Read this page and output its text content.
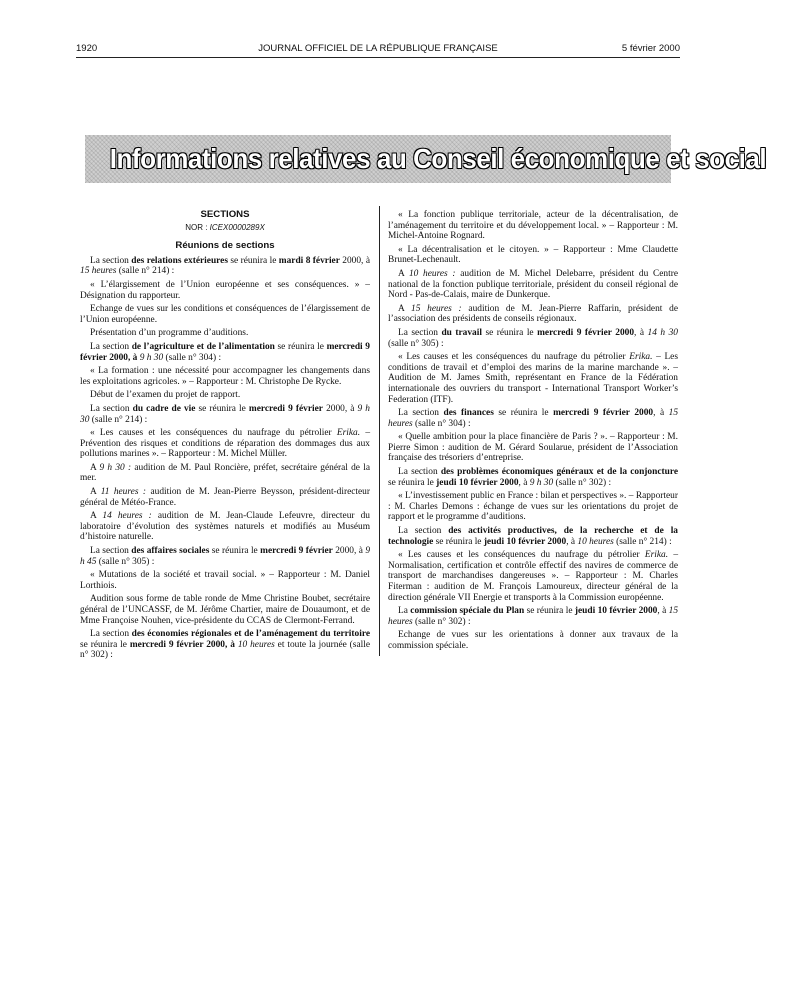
1920	JOURNAL OFFICIEL DE LA RÉPUBLIQUE FRANÇAISE	5 février 2000
Informations relatives au Conseil économique et social
SECTIONS
NOR : ICEX0000289X
Réunions de sections

La section des relations extérieures se réunira le mardi 8 février 2000, à 15 heures (salle n° 214) :

« L’élargissement de l’Union européenne et ses conséquences. » – Désignation du rapporteur.

Echange de vues sur les conditions et conséquences de l’élargissement de l’Union européenne.

Présentation d’un programme d’auditions.

La section de l’agriculture et de l’alimentation se réunira le mercredi 9 février 2000, à 9 h 30 (salle n° 304) :

« La formation : une nécessité pour accompagner les changements dans les exploitations agricoles. » – Rapporteur : M. Christophe De Rycke.

Début de l’examen du projet de rapport.

La section du cadre de vie se réunira le mercredi 9 février 2000, à 9 h 30 (salle n° 214) :

« Les causes et les conséquences du naufrage du pétrolier Erika. – Prévention des risques et conditions de réparation des dommages dus aux pollutions marines ». – Rapporteur : M. Michel Müller.

A 9 h 30 : audition de M. Paul Roncière, préfet, secrétaire général de la mer.

A 11 heures : audition de M. Jean-Pierre Beysson, président-directeur général de Météo-France.

A 14 heures : audition de M. Jean-Claude Lefeuvre, directeur du laboratoire d’évolution des systèmes naturels et modifiés au Muséum d’histoire naturelle.

La section des affaires sociales se réunira le mercredi 9 février 2000, à 9 h 45 (salle n° 305) :

« Mutations de la société et travail social. » – Rapporteur : M. Daniel Lorthiois.

Audition sous forme de table ronde de Mme Christine Boubet, secrétaire général de l’UNCASSF, de M. Jérôme Chartier, maire de Douaumont, et de Mme Françoise Nouhen, vice-présidente du CCAS de Clermont-Ferrand.

La section des économies régionales et de l’aménagement du territoire se réunira le mercredi 9 février 2000, à 10 heures et toute la journée (salle n° 302) :

« La fonction publique territoriale, acteur de la décentralisation, de l’aménagement du territoire et du développement local. » – Rapporteur : M. Michel-Antoine Rognard.

« La décentralisation et le citoyen. » – Rapporteur : Mme Claudette Brunet-Lechenault.

A 10 heures : audition de M. Michel Delebarre, président du Centre national de la fonction publique territoriale, président du conseil régional de Nord - Pas-de-Calais, maire de Dunkerque.

A 15 heures : audition de M. Jean-Pierre Raffarin, président de l’association des présidents de conseils régionaux.

La section du travail se réunira le mercredi 9 février 2000, à 14 h 30 (salle n° 305) :

« Les causes et les conséquences du naufrage du pétrolier Erika. – Les conditions de travail et d’emploi des marins de la marine marchande ». – Audition de M. James Smith, représentant en France de la Fédération internationale des ouvriers du transport - International Transport Worker’s Federation (ITF).

La section des finances se réunira le mercredi 9 février 2000, à 15 heures (salle n° 304) :

« Quelle ambition pour la place financière de Paris ? ». – Rapporteur : M. Pierre Simon : audition de M. Gérard Soularue, président de l’Association française des trésoriers d’entreprise.

La section des problèmes économiques généraux et de la conjoncture se réunira le jeudi 10 février 2000, à 9 h 30 (salle n° 302) :

« L’investissement public en France : bilan et perspectives ». – Rapporteur : M. Charles Demons : échange de vues sur les orientations du projet de rapport et le programme d’auditions.

La section des activités productives, de la recherche et de la technologie se réunira le jeudi 10 février 2000, à 10 heures (salle n° 214) :

« Les causes et les conséquences du naufrage du pétrolier Erika. – Normalisation, certification et contrôle effectif des navires de commerce de transport de marchandises dangereuses ». – Rapporteur : M. Charles Fiterman : audition de M. François Lamoureux, directeur général de la direction générale VII Energie et transports à la Commission européenne.

La commission spéciale du Plan se réunira le jeudi 10 février 2000, à 15 heures (salle n° 302) :

Echange de vues sur les orientations à donner aux travaux de la commission spéciale.
